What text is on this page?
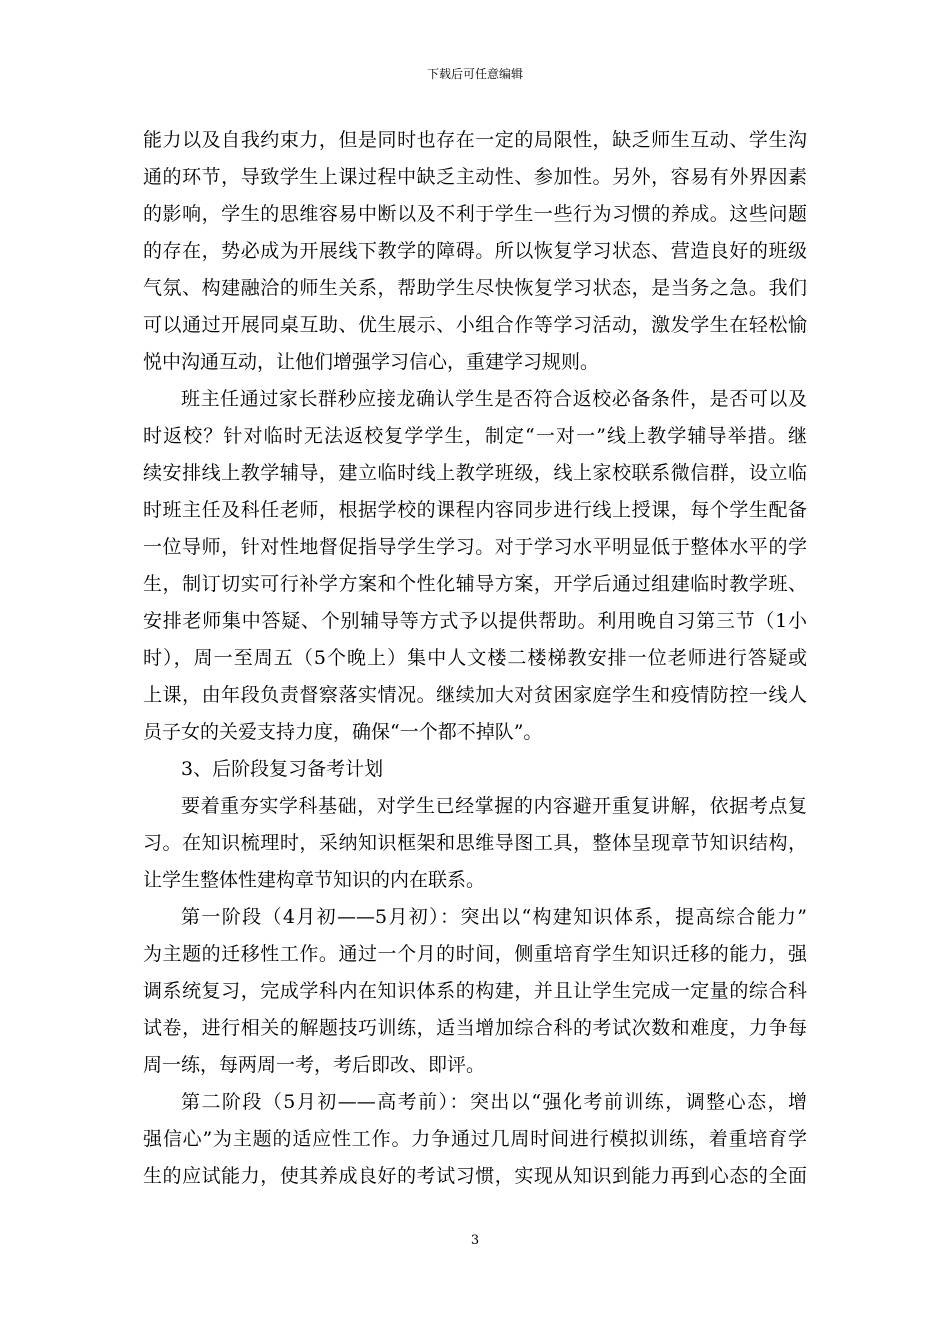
下载后可任意编辑
能力以及自我约束力，但是同时也存在一定的局限性，缺乏师生互动、学生沟
通的环节，导致学生上课过程中缺乏主动性、参加性。另外，容易有外界因素
的影响，学生的思维容易中断以及不利于学生一些行为习惯的养成。这些问题
的存在，势必成为开展线下教学的障碍。所以恢复学习状态、营造良好的班级
气氛、构建融洽的师生关系，帮助学生尽快恢复学习状态，是当务之急。我们
可以通过开展同桌互助、优生展示、小组合作等学习活动，激发学生在轻松愉
悦中沟通互动，让他们增强学习信心，重建学习规则。
班主任通过家长群秒应接龙确认学生是否符合返校必备条件，是否可以及
时返校？针对临时无法返校复学学生，制定“一对一”线上教学辅导举措。继
续安排线上教学辅导，建立临时线上教学班级，线上家校联系微信群，设立临
时班主任及科任老师，根据学校的课程内容同步进行线上授课，每个学生配备
一位导师，针对性地督促指导学生学习。对于学习水平明显低于整体水平的学
生，制订切实可行补学方案和个性化辅导方案，开学后通过组建临时教学班、
安排老师集中答疑、个别辅导等方式予以提供帮助。利用晚自习第三节（1小
时），周一至周五（5个晚上）集中人文楼二楼梯教安排一位老师进行答疑或
上课，由年段负责督察落实情况。继续加大对贫困家庭学生和疫情防控一线人
员子女的关爱支持力度，确保“一个都不掉队”。
3、后阶段复习备考计划
要着重夯实学科基础，对学生已经掌握的内容避开重复讲解，依据考点复
习。在知识梳理时，采纳知识框架和思维导图工具，整体呈现章节知识结构，
让学生整体性建构章节知识的内在联系。
第一阶段（4月初——5月初）：突出以“构建知识体系，提高综合能力”
为主题的迁移性工作。通过一个月的时间，侧重培育学生知识迁移的能力，强
调系统复习，完成学科内在知识体系的构建，并且让学生完成一定量的综合科
试卷，进行相关的解题技巧训练，适当增加综合科的考试次数和难度，力争每
周一练，每两周一考，考后即改、即评。
第二阶段（5月初——高考前）：突出以“强化考前训练，调整心态，增
强信心”为主题的适应性工作。力争通过几周时间进行模拟训练，着重培育学
生的应试能力，使其养成良好的考试习惯，实现从知识到能力再到心态的全面
3
